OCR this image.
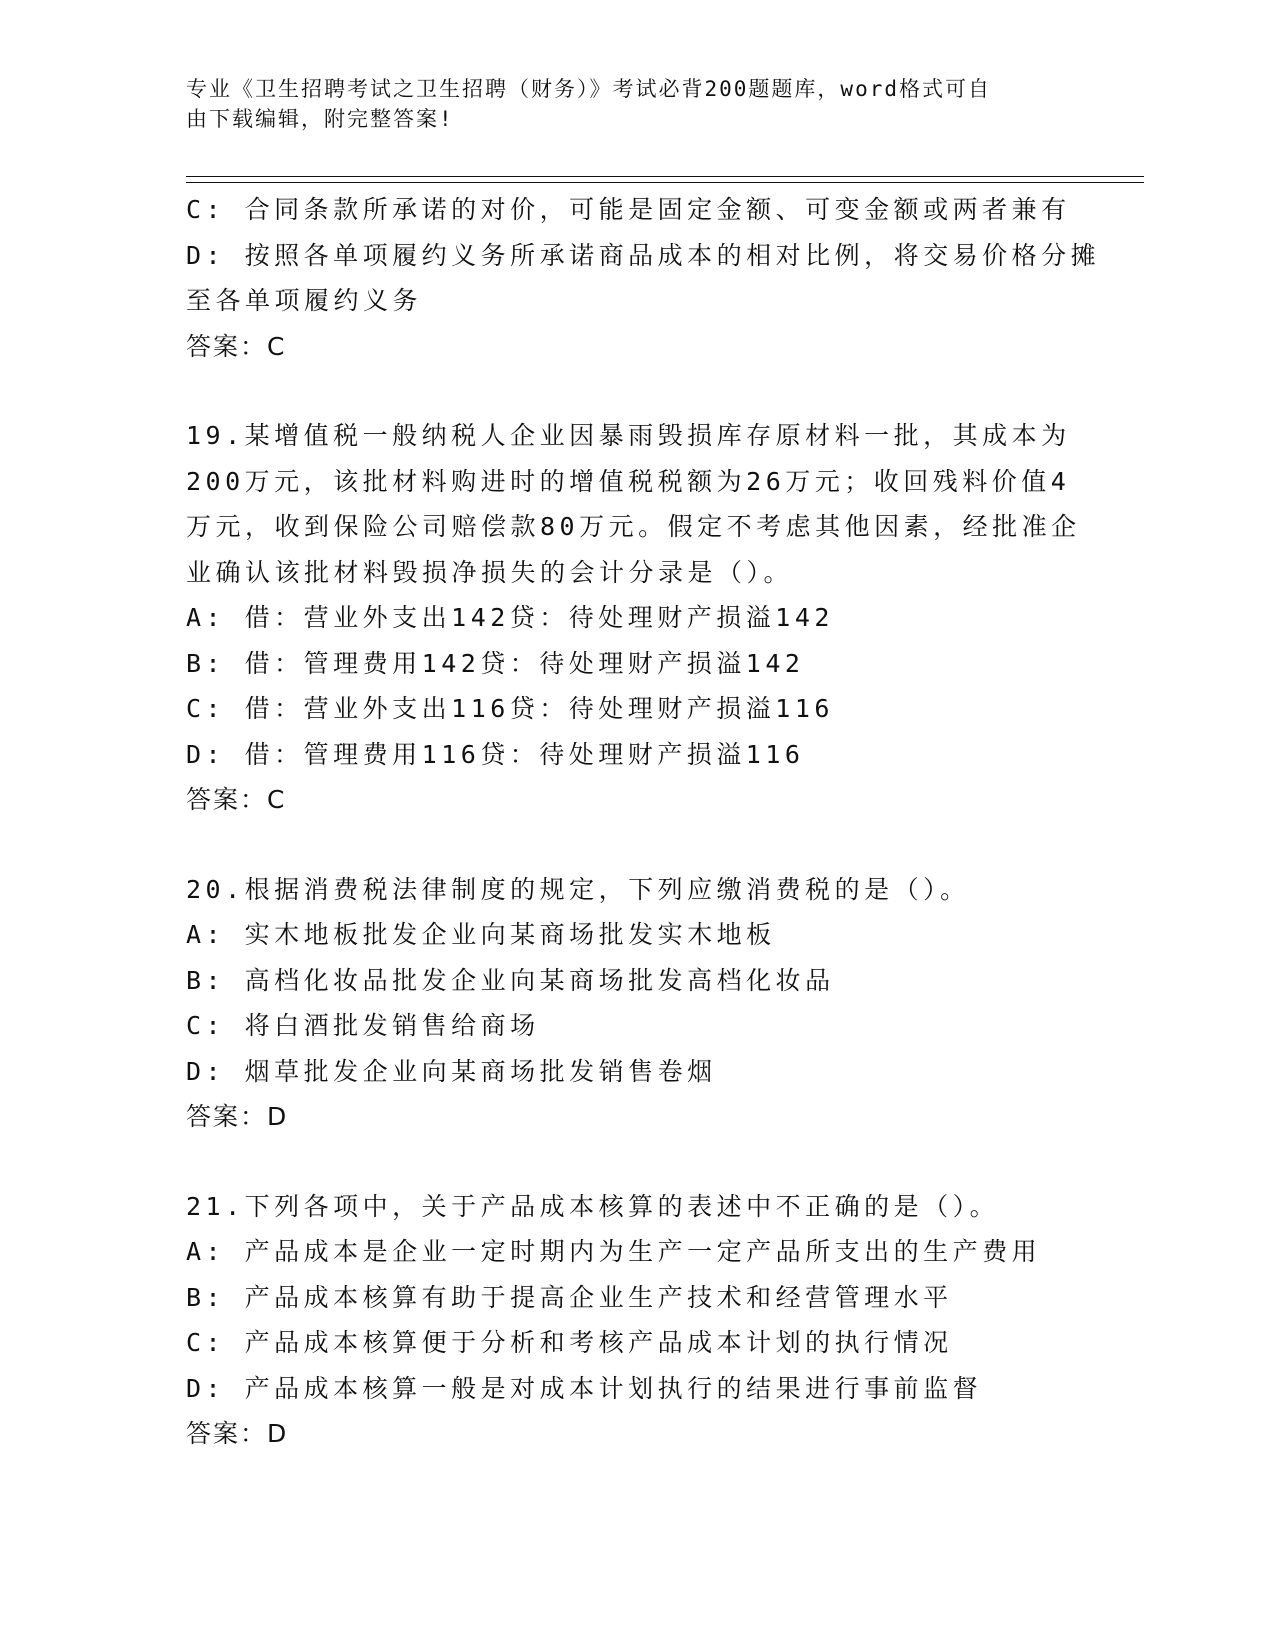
专业《卫生招聘考试之卫生招聘（财务）》考试必背200题题库，word格式可自
由下载编辑，附完整答案!

C: 合同条款所承诺的对价，可能是固定金额、可变金额或两者兼有

D: 按照各单项履约义务所承诺商品成本的相对比例，将交易价格分摊

至各单项履约义务

答案：C

19.某增值税一般纳税人企业因暴雨毁损库存原材料一批，其成本为

200万元，该批材料购进时的增值税税额为26万元；收回残料价值4

万元，收到保险公司赔偿款80万元。假定不考虑其他因素，经批准企

业确认该批材料毁损净损失的会计分录是（）。

A: 借：营业外支出142贷：待处理财产损溢142

B: 借：管理费用142贷：待处理财产损溢142

C: 借：营业外支出116贷：待处理财产损溢116

D: 借：管理费用116贷：待处理财产损溢116

答案：C

20.根据消费税法律制度的规定，下列应缴消费税的是（）。

A: 实木地板批发企业向某商场批发实木地板

B: 高档化妆品批发企业向某商场批发高档化妆品

C: 将白酒批发销售给商场

D: 烟草批发企业向某商场批发销售卷烟

答案：D

21.下列各项中，关于产品成本核算的表述中不正确的是（）。

A: 产品成本是企业一定时期内为生产一定产品所支出的生产费用

B: 产品成本核算有助于提高企业生产技术和经营管理水平

C: 产品成本核算便于分析和考核产品成本计划的执行情况

D: 产品成本核算一般是对成本计划执行的结果进行事前监督

答案：D
